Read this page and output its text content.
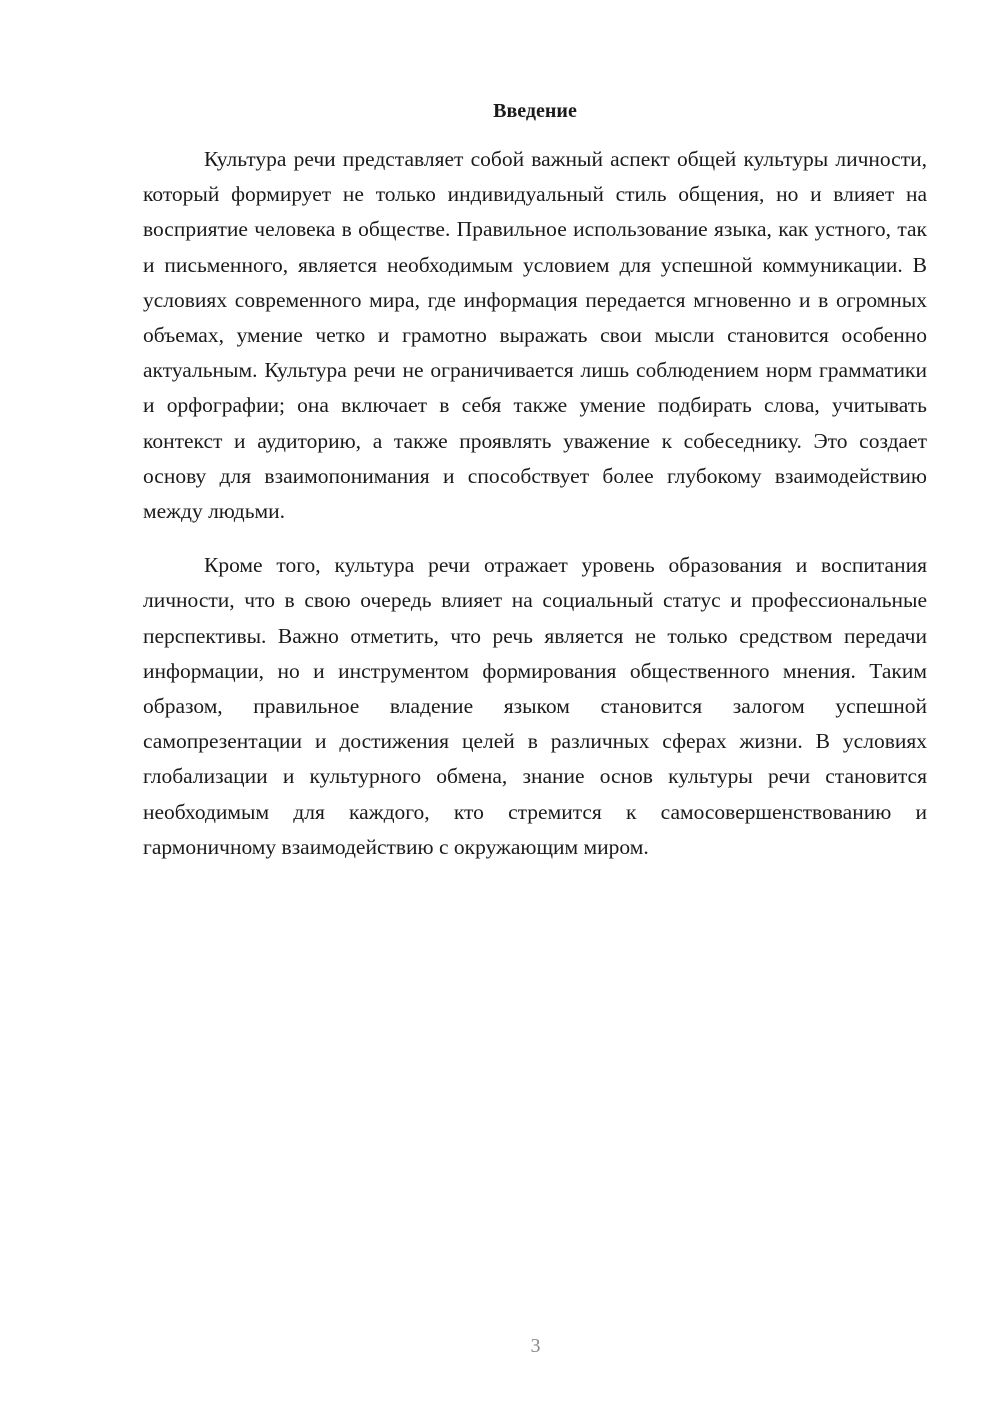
Введение

Культура речи представляет собой важный аспект общей культуры личности, который формирует не только индивидуальный стиль общения, но и влияет на восприятие человека в обществе. Правильное использование языка, как устного, так и письменного, является необходимым условием для успешной коммуникации. В условиях современного мира, где информация передается мгновенно и в огромных объемах, умение четко и грамотно выражать свои мысли становится особенно актуальным. Культура речи не ограничивается лишь соблюдением норм грамматики и орфографии; она включает в себя также умение подбирать слова, учитывать контекст и аудиторию, а также проявлять уважение к собеседнику. Это создает основу для взаимопонимания и способствует более глубокому взаимодействию между людьми.

Кроме того, культура речи отражает уровень образования и воспитания личности, что в свою очередь влияет на социальный статус и профессиональные перспективы. Важно отметить, что речь является не только средством передачи информации, но и инструментом формирования общественного мнения. Таким образом, правильное владение языком становится залогом успешной самопрезентации и достижения целей в различных сферах жизни. В условиях глобализации и культурного обмена, знание основ культуры речи становится необходимым для каждого, кто стремится к самосовершенствованию и гармоничному взаимодействию с окружающим миром.

3
